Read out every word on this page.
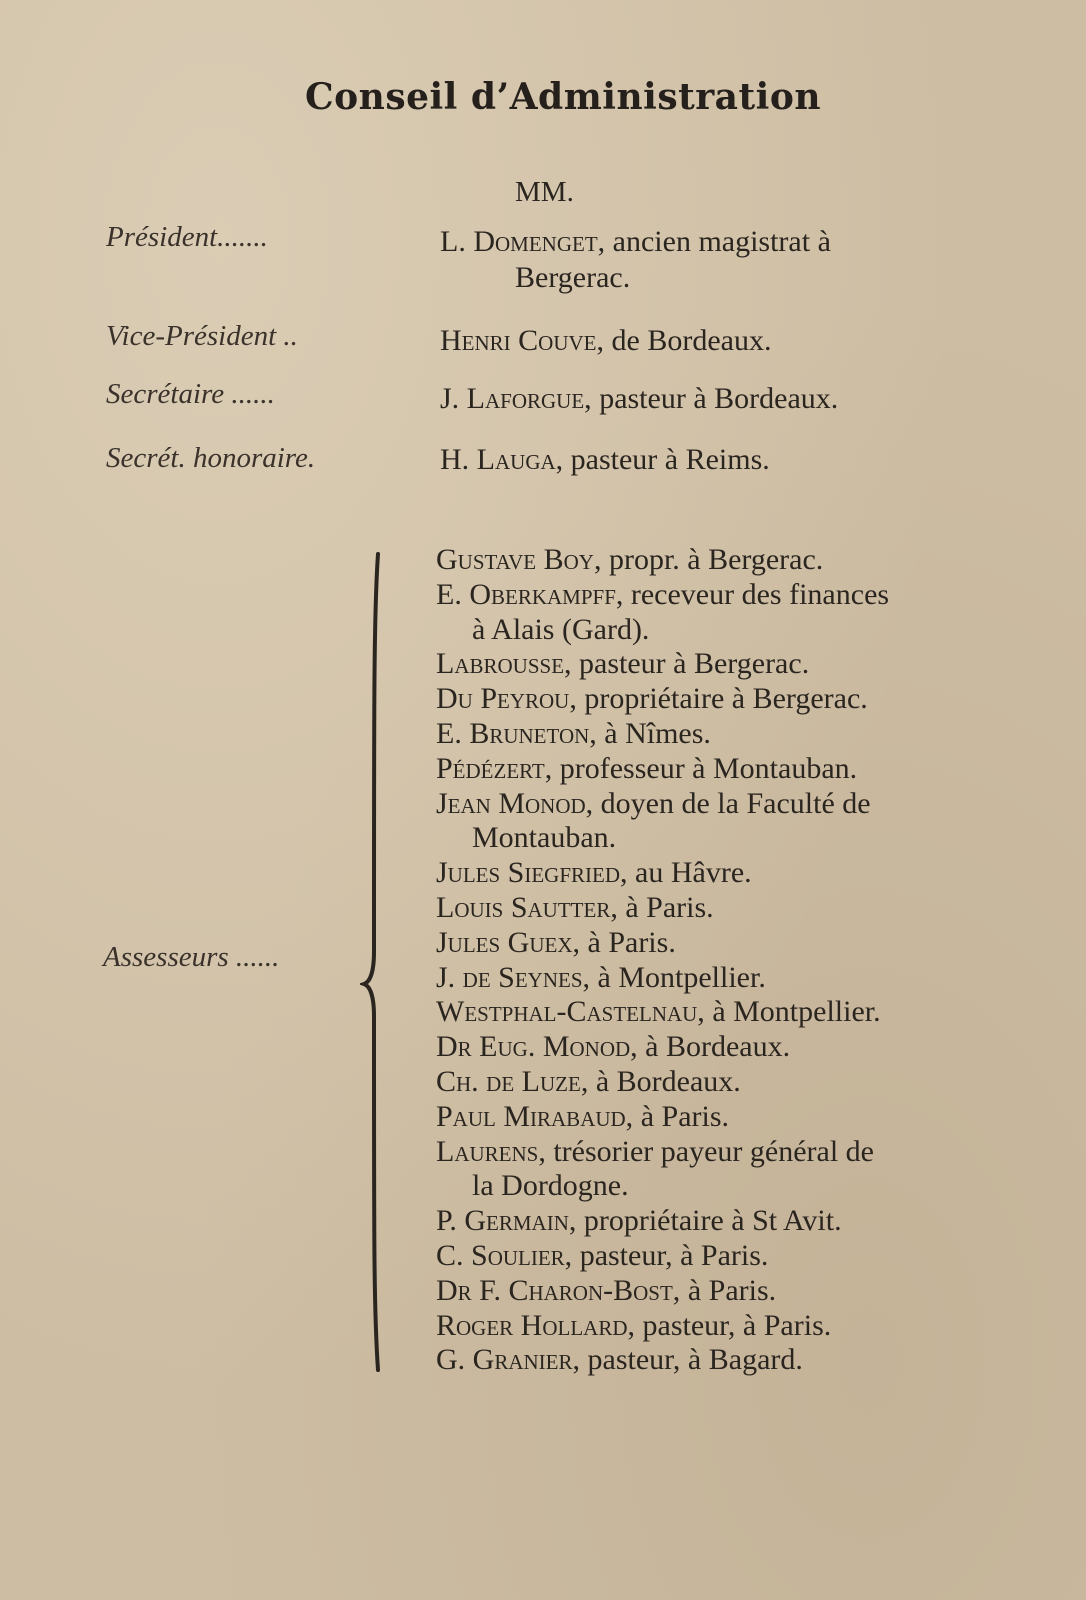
Conseil d’Administration
MM.
Président.......	L. Domenget, ancien magistrat à
Bergerac.
Vice-Président ..	Henri Couve, de Bordeaux.
Secrétaire ......	J. Laforgue, pasteur à Bordeaux.
Secrét. honoraire.	H. Lauga, pasteur à Reims.
Assesseurs ......
Gustave Boy, propr. à Bergerac.
E. Oberkampff, receveur des finances
à Alais (Gard).
Labrousse, pasteur à Bergerac.
Du Peyrou, propriétaire à Bergerac.
E. Bruneton, à Nîmes.
Pédézert, professeur à Montauban.
Jean Monod, doyen de la Faculté de
Montauban.
Jules Siegfried, au Hâvre.
Louis Sautter, à Paris.
Jules Guex, à Paris.
J. de Seynes, à Montpellier.
Westphal-Castelnau, à Montpellier.
Dr Eug. Monod, à Bordeaux.
Ch. de Luze, à Bordeaux.
Paul Mirabaud, à Paris.
Laurens, trésorier payeur général de
la Dordogne.
P. Germain, propriétaire à St Avit.
C. Soulier, pasteur, à Paris.
Dr F. Charon-Bost, à Paris.
Roger Hollard, pasteur, à Paris.
G. Granier, pasteur, à Bagard.
